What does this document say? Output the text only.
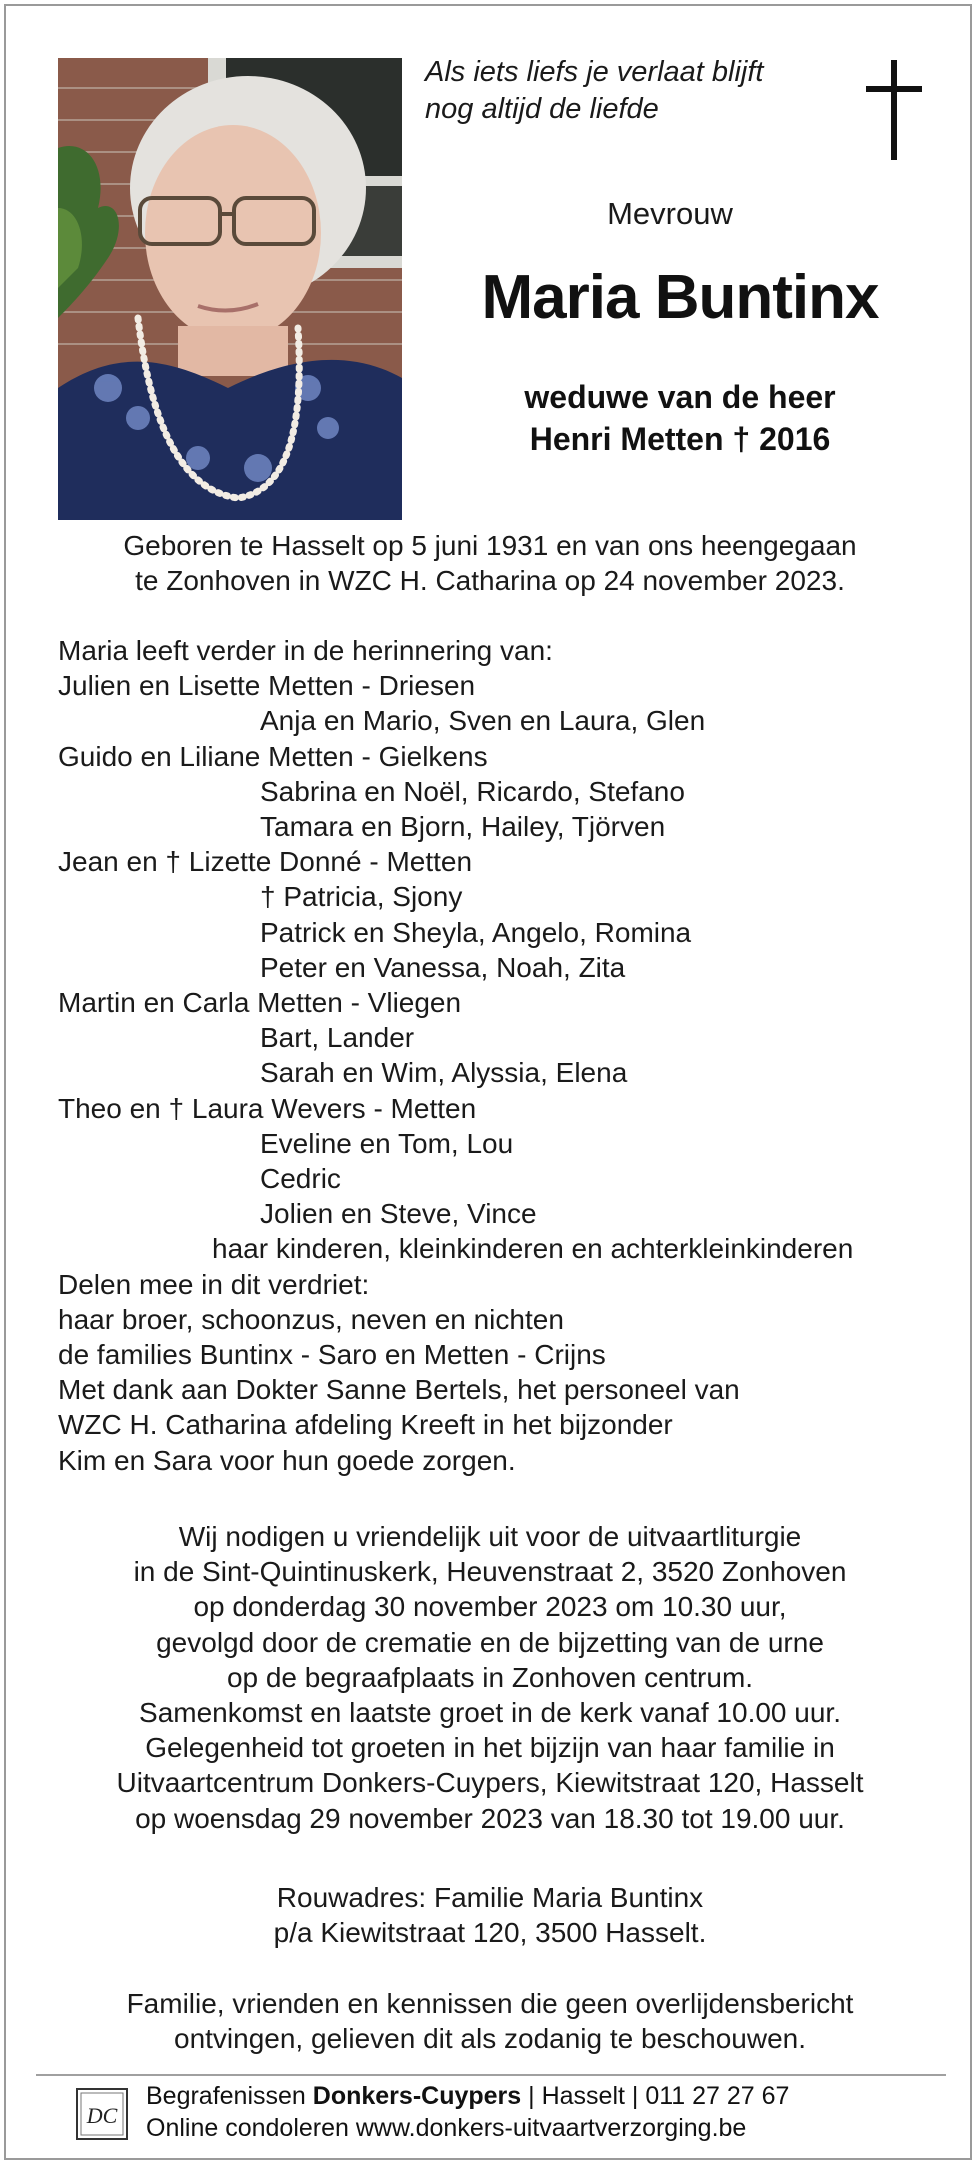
Als iets liefs je verlaat blijft
nog altijd de liefde
Mevrouw
Maria Buntinx
weduwe van de heer
Henri Metten † 2016
Geboren te Hasselt op 5 juni 1931 en van ons heengegaan
te Zonhoven in WZC H. Catharina op 24 november 2023.
Maria leeft verder in de herinnering van:
Julien en Lisette Metten - Driesen
Anja en Mario, Sven en Laura, Glen
Guido en Liliane Metten - Gielkens
Sabrina en Noël, Ricardo, Stefano
Tamara en Bjorn, Hailey, Tjörven
Jean en † Lizette Donné - Metten
† Patricia, Sjony
Patrick en Sheyla, Angelo, Romina
Peter en Vanessa, Noah, Zita
Martin en Carla Metten - Vliegen
Bart, Lander
Sarah en Wim, Alyssia, Elena
Theo en † Laura Wevers - Metten
Eveline en Tom, Lou
Cedric
Jolien en Steve, Vince
haar kinderen, kleinkinderen en achterkleinkinderen
Delen mee in dit verdriet:
haar broer, schoonzus, neven en nichten
de families Buntinx - Saro en Metten - Crijns
Met dank aan Dokter Sanne Bertels, het personeel van
WZC H. Catharina afdeling Kreeft in het bijzonder
Kim en Sara voor hun goede zorgen.
Wij nodigen u vriendelijk uit voor de uitvaartliturgie
in de Sint-Quintinuskerk, Heuvenstraat 2, 3520 Zonhoven
op donderdag 30 november 2023 om 10.30 uur,
gevolgd door de crematie en de bijzetting van de urne
op de begraafplaats in Zonhoven centrum.
Samenkomst en laatste groet in de kerk vanaf 10.00 uur.
Gelegenheid tot groeten in het bijzijn van haar familie in
Uitvaartcentrum Donkers-Cuypers, Kiewitstraat 120, Hasselt
op woensdag 29 november 2023 van 18.30 tot 19.00 uur.
Rouwadres: Familie Maria Buntinx
p/a Kiewitstraat 120, 3500 Hasselt.
Familie, vrienden en kennissen die geen overlijdensbericht
ontvingen, gelieven dit als zodanig te beschouwen.
DC
Begrafenissen Donkers-Cuypers | Hasselt | 011 27 27 67
Online condoleren www.donkers-uitvaartverzorging.be
